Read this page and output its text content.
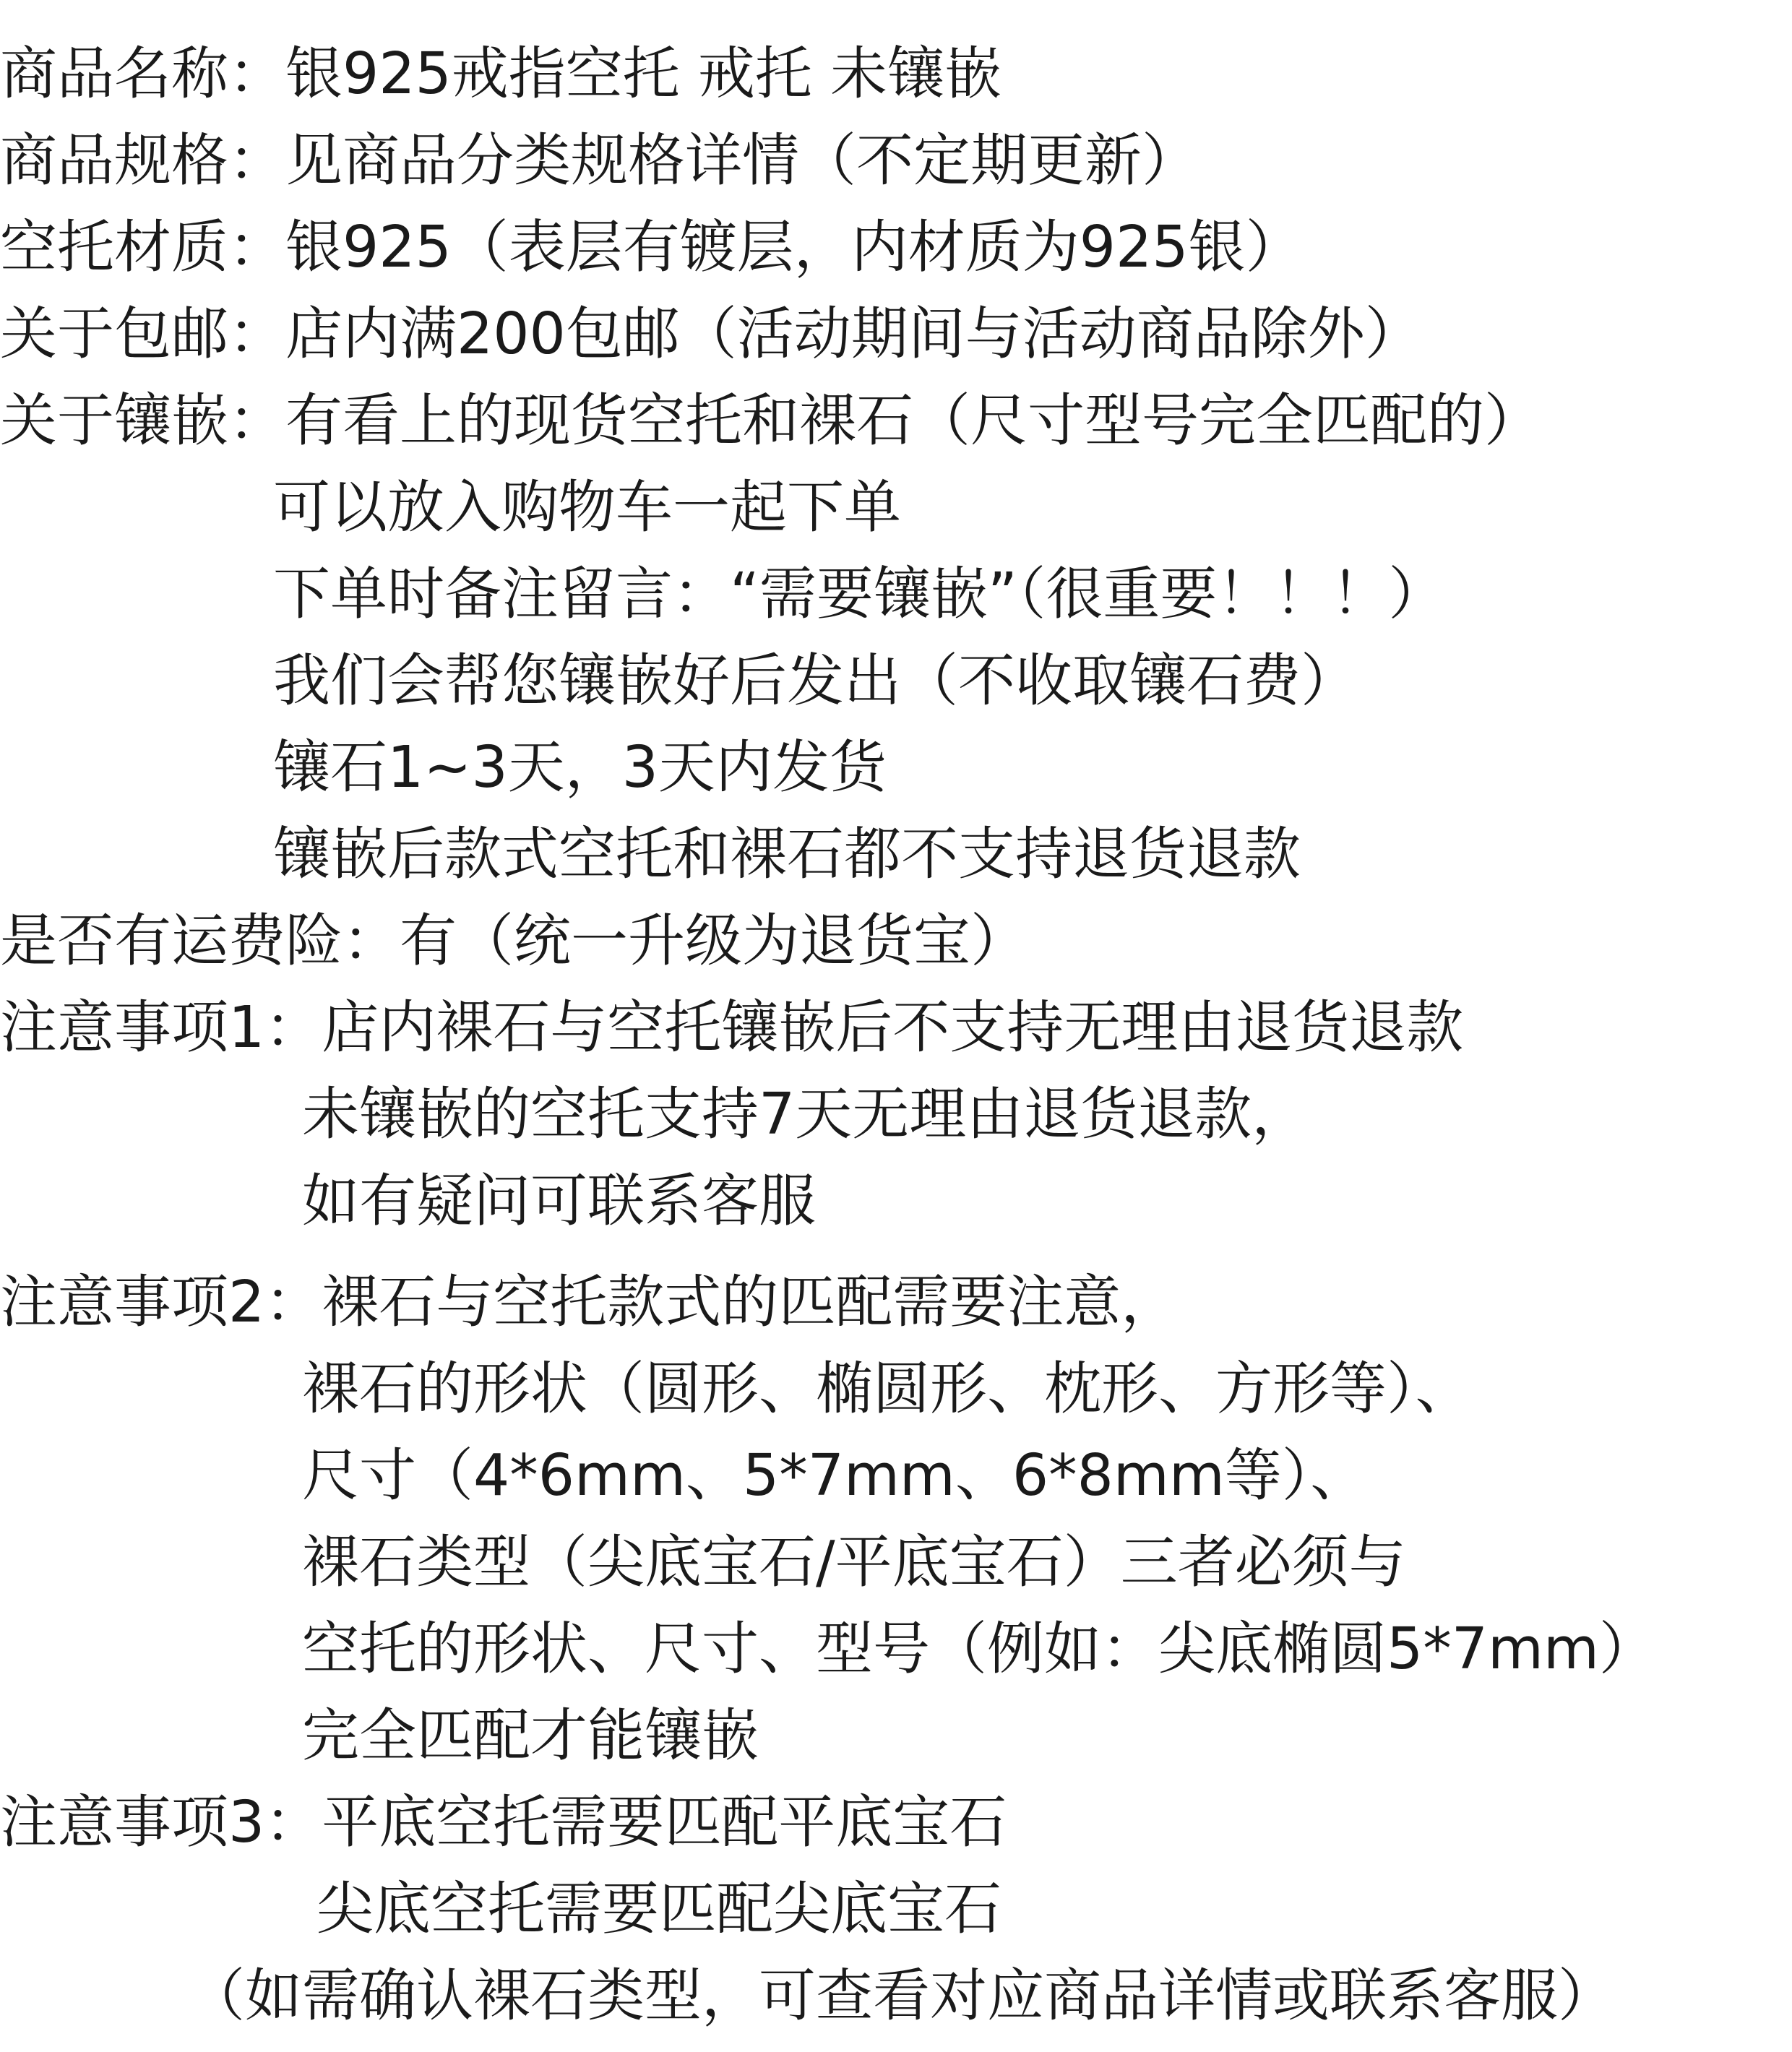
商品名称：银925戒指空托 戒托 未镶嵌
商品规格：见商品分类规格详情（不定期更新）
空托材质：银925（表层有镀层，内材质为925银）
关于包邮：店内满200包邮（活动期间与活动商品除外）
关于镶嵌：有看上的现货空托和裸石（尺寸型号完全匹配的）
可以放入购物车一起下单
下单时备注留言：“需要镶嵌”（很重要！！！）
我们会帮您镶嵌好后发出（不收取镶石费）
镶石1~3天，3天内发货
镶嵌后款式空托和裸石都不支持退货退款
是否有运费险：有（统一升级为退货宝）
注意事项1：店内裸石与空托镶嵌后不支持无理由退货退款
未镶嵌的空托支持7天无理由退货退款，
如有疑问可联系客服
注意事项2：裸石与空托款式的匹配需要注意，
裸石的形状（圆形、椭圆形、枕形、方形等）、
尺寸（4*6mm、5*7mm、6*8mm等）、
裸石类型（尖底宝石/平底宝石）三者必须与
空托的形状、尺寸、型号（例如：尖底椭圆5*7mm）
完全匹配才能镶嵌
注意事项3：平底空托需要匹配平底宝石
尖底空托需要匹配尖底宝石
（如需确认裸石类型，可查看对应商品详情或联系客服）
